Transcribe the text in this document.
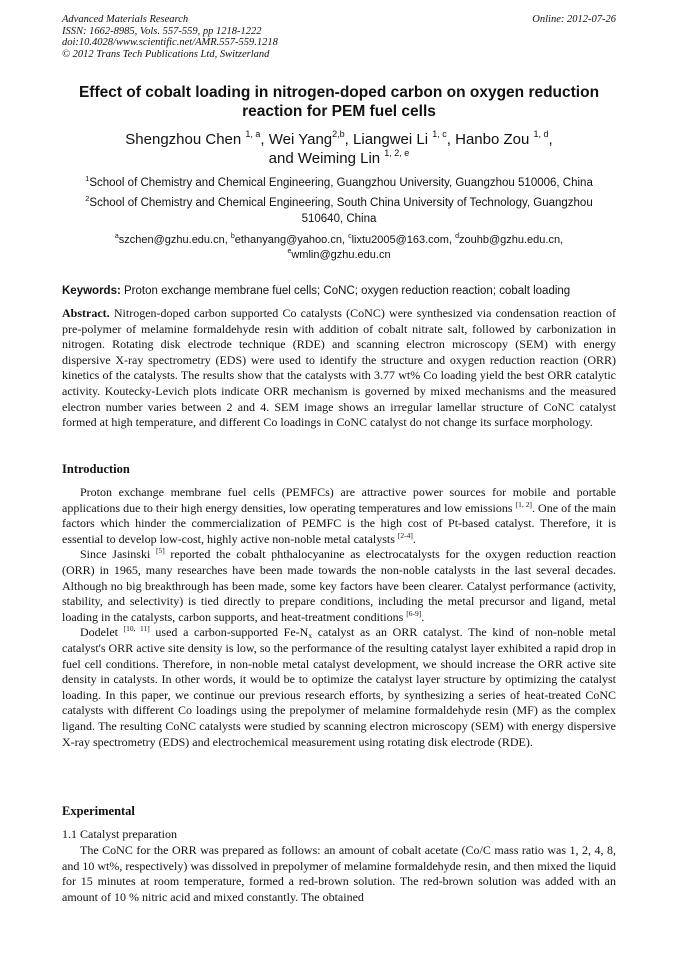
Advanced Materials Research
ISSN: 1662-8985, Vols. 557-559, pp 1218-1222
doi:10.4028/www.scientific.net/AMR.557-559.1218
© 2012 Trans Tech Publications Ltd, Switzerland
Online: 2012-07-26
Effect of cobalt loading in nitrogen-doped carbon on oxygen reduction
reaction for PEM fuel cells
Shengzhou Chen $^{1, a}$, Wei Yang$^{2,b}$, Liangwei Li $^{1, c}$, Hanbo Zou $^{1, d}$,
and Weiming Lin $^{1, 2, e}$
$^1$School of Chemistry and Chemical Engineering, Guangzhou University, Guangzhou 510006, China
$^2$School of Chemistry and Chemical Engineering, South China University of Technology, Guangzhou
510640, China
$^a$szchen@gzhu.edu.cn, $^b$ethanyang@yahoo.cn, $^c$lixtu2005@163.com, $^d$zouhb@gzhu.edu.cn,
$^e$wmlin@gzhu.edu.cn
Keywords: Proton exchange membrane fuel cells; CoNC; oxygen reduction reaction; cobalt loading

Abstract. Nitrogen-doped carbon supported Co catalysts (CoNC) were synthesized via condensation reaction of pre-polymer of melamine formaldehyde resin with addition of cobalt nitrate salt, followed by carbonization in nitrogen. Rotating disk electrode technique (RDE) and scanning electron microscopy (SEM) with energy dispersive X-ray spectrometry (EDS) were used to identify the structure and oxygen reduction reaction (ORR) kinetics of the catalysts. The results show that the catalysts with 3.77 wt% Co loading yield the best ORR catalytic activity. Koutecky-Levich plots indicate ORR mechanism is governed by mixed mechanisms and the measured electron number varies between 2 and 4. SEM image shows an irregular lamellar structure of CoNC catalyst formed at high temperature, and different Co loadings in CoNC catalyst do not change its surface morphology.

Introduction

Proton exchange membrane fuel cells (PEMFCs) are attractive power sources for mobile and portable applications due to their high energy densities, low operating temperatures and low emissions [1, 2]. One of the main factors which hinder the commercialization of PEMFC is the high cost of Pt-based catalyst. Therefore, it is essential to develop low-cost, highly active non-noble metal catalysts [2-4].

Since Jasinski [5] reported the cobalt phthalocyanine as electrocatalysts for the oxygen reduction reaction (ORR) in 1965, many researches have been made towards the non-noble catalysts in the last several decades. Although no big breakthrough has been made, some key factors have been clearer. Catalyst performance (activity, stability, and selectivity) is tied directly to prepare conditions, including the metal precursor and ligand, metal loading in the catalysts, carbon supports, and heat-treatment conditions [6-9].

Dodelet [10, 11] used a carbon-supported $Fe-N_x$ catalyst as an ORR catalyst. The kind of non-noble metal catalyst's ORR active site density is low, so the performance of the resulting catalyst layer exhibited a rapid drop in fuel cell conditions. Therefore, in non-noble metal catalyst development, we should increase the ORR active site density in catalysts. In other words, it would be to optimize the catalyst layer structure by optimizing the catalyst loading. In this paper, we continue our previous research efforts, by synthesizing a series of heat-treated CoNC catalysts with different Co loadings using the prepolymer of melamine formaldehyde resin (MF) as the complex ligand. The resulting CoNC catalysts were studied by scanning electron microscopy (SEM) with energy dispersive X-ray spectrometry (EDS) and electrochemical measurement using rotating disk electrode (RDE).

Experimental
1.1 Catalyst preparation

The CoNC for the ORR was prepared as follows: an amount of cobalt acetate (Co/C mass ratio was 1, 2, 4, 8, and 10 wt%, respectively) was dissolved in prepolymer of melamine formaldehyde resin, and then mixed the liquid for 15 minutes at room temperature, formed a red-brown solution. The red-brown solution was added with an amount of 10 % nitric acid and mixed constantly. The obtained
